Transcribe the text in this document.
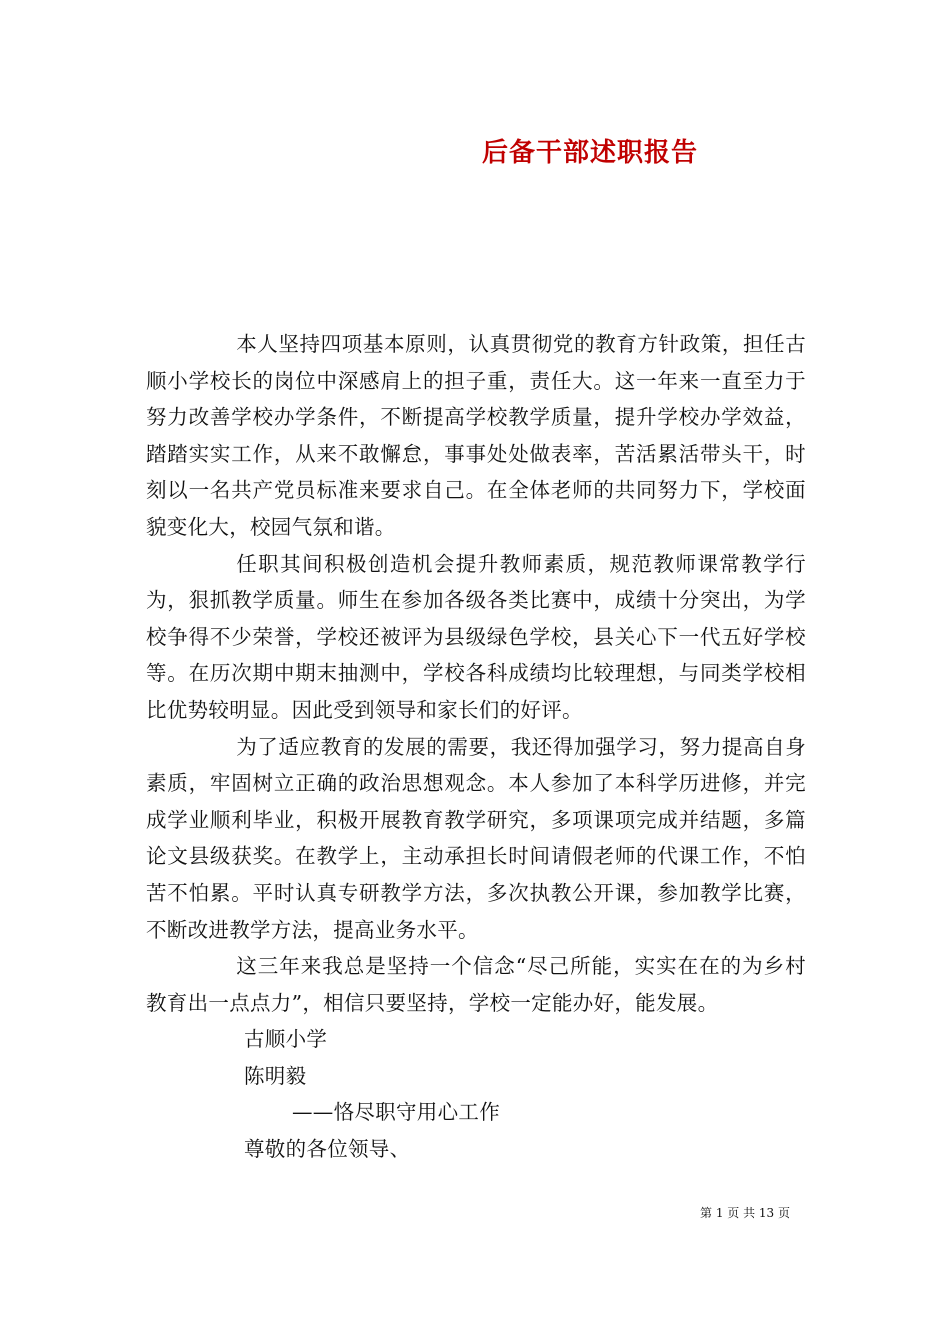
后备干部述职报告

本人坚持四项基本原则，认真贯彻党的教育方针政策，担任古顺小学校长的岗位中深感肩上的担子重，责任大。这一年来一直至力于努力改善学校办学条件，不断提高学校教学质量，提升学校办学效益，踏踏实实工作，从来不敢懈怠，事事处处做表率，苦活累活带头干，时刻以一名共产党员标准来要求自己。在全体老师的共同努力下，学校面貌变化大，校园气氛和谐。

任职其间积极创造机会提升教师素质，规范教师课常教学行为，狠抓教学质量。师生在参加各级各类比赛中，成绩十分突出，为学校争得不少荣誉，学校还被评为县级绿色学校，县关心下一代五好学校等。在历次期中期末抽测中，学校各科成绩均比较理想，与同类学校相比优势较明显。因此受到领导和家长们的好评。

为了适应教育的发展的需要，我还得加强学习，努力提高自身素质，牢固树立正确的政治思想观念。本人参加了本科学历进修，并完成学业顺利毕业，积极开展教育教学研究，多项课项完成并结题，多篇论文县级获奖。在教学上，主动承担长时间请假老师的代课工作，不怕苦不怕累。平时认真专研教学方法，多次执教公开课，参加教学比赛，不断改进教学方法，提高业务水平。

这三年来我总是坚持一个信念“尽己所能，实实在在的为乡村教育出一点点力”，相信只要坚持，学校一定能办好，能发展。

古顺小学

陈明毅

——恪尽职守用心工作

尊敬的各位领导、

第 1 页 共 13 页
